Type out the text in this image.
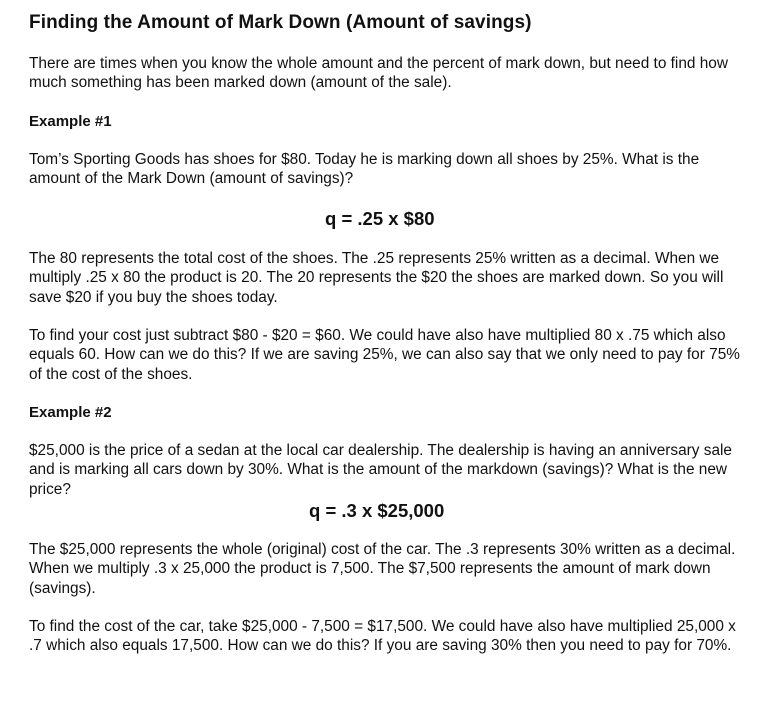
Finding the Amount of Mark Down (Amount of savings)

There are times when you know the whole amount and the percent of mark down, but need to find how much something has been marked down (amount of the sale).

Example #1

Tom’s Sporting Goods has shoes for $80. Today he is marking down all shoes by 25%. What is the amount of the Mark Down (amount of savings)?

q = .25 x $80

The 80 represents the total cost of the shoes. The .25 represents 25% written as a decimal. When we multiply .25 x 80 the product is 20. The 20 represents the $20 the shoes are marked down. So you will save $20 if you buy the shoes today.

To find your cost just subtract $80 - $20 = $60. We could have also have multiplied 80 x .75 which also equals 60. How can we do this? If we are saving 25%, we can also say that we only need to pay for 75% of the cost of the shoes.

Example #2

$25,000 is the price of a sedan at the local car dealership. The dealership is having an anniversary sale and is marking all cars down by 30%. What is the amount of the markdown (savings)? What is the new price?

q = .3 x $25,000

The $25,000 represents the whole (original) cost of the car. The .3 represents 30% written as a decimal. When we multiply .3 x 25,000 the product is 7,500. The $7,500 represents the amount of mark down (savings).

To find the cost of the car, take $25,000 - 7,500 = $17,500. We could have also have multiplied 25,000 x .7 which also equals 17,500. How can we do this? If you are saving 30% then you need to pay for 70%.
